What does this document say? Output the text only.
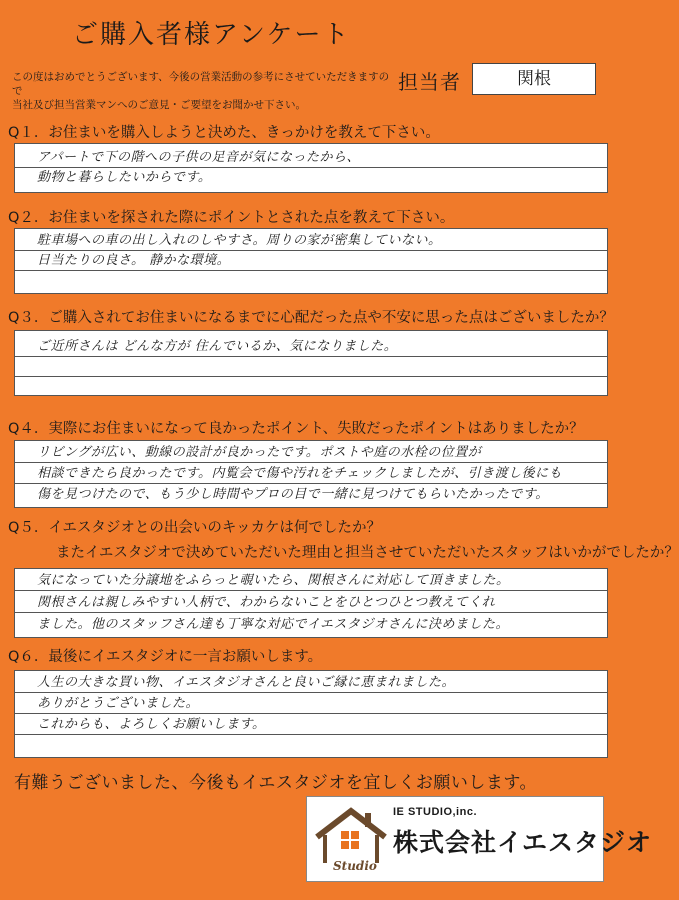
ご購入者様アンケート
この度はおめでとうございます、今後の営業活動の参考にさせていただきますので
当社及び担当営業マンへのご意見・ご要望をお聞かせ下さい。
担当者	関根
Q１．お住まいを購入しようと決めた、きっかけを教えて下さい。
アパートで下の階への子供の足音が気になったから、
動物と暮らしたいからです。
Q２．お住まいを探された際にポイントとされた点を教えて下さい。
駐車場への車の出し入れのしやすさ。周りの家が密集していない。
日当たりの良さ。 静かな環境。
Q３．ご購入されてお住まいになるまでに心配だった点や不安に思った点はございましたか？
ご近所さんは どんな方が 住んでいるか、気になりました。
Q４．実際にお住まいになって良かったポイント、失敗だったポイントはありましたか？
リビングが広い、動線の設計が良かったです。ポストや庭の水栓の位置が
相談できたら良かったです。内覧会で傷や汚れをチェックしましたが、引き渡し後にも
傷を見つけたので、もう少し時間やプロの目で一緒に見つけてもらいたかったです。
Q５．イエスタジオとの出会いのキッカケは何でしたか？
またイエスタジオで決めていただいた理由と担当させていただいたスタッフはいかがでしたか？
気になっていた分譲地をふらっと覗いたら、関根さんに対応して頂きました。
関根さんは親しみやすい人柄で、わからないことをひとつひとつ教えてくれ
ました。他のスタッフさん達も丁寧な対応でイエスタジオさんに決めました。
Q６．最後にイエスタジオに一言お願いします。
人生の大きな買い物、イエスタジオさんと良いご縁に恵まれました。
ありがとうございました。
これからも、よろしくお願いします。
有難うございました、今後もイエスタジオを宜しくお願いします。
Studio
IE STUDIO,inc.
株式会社イエスタジオ
